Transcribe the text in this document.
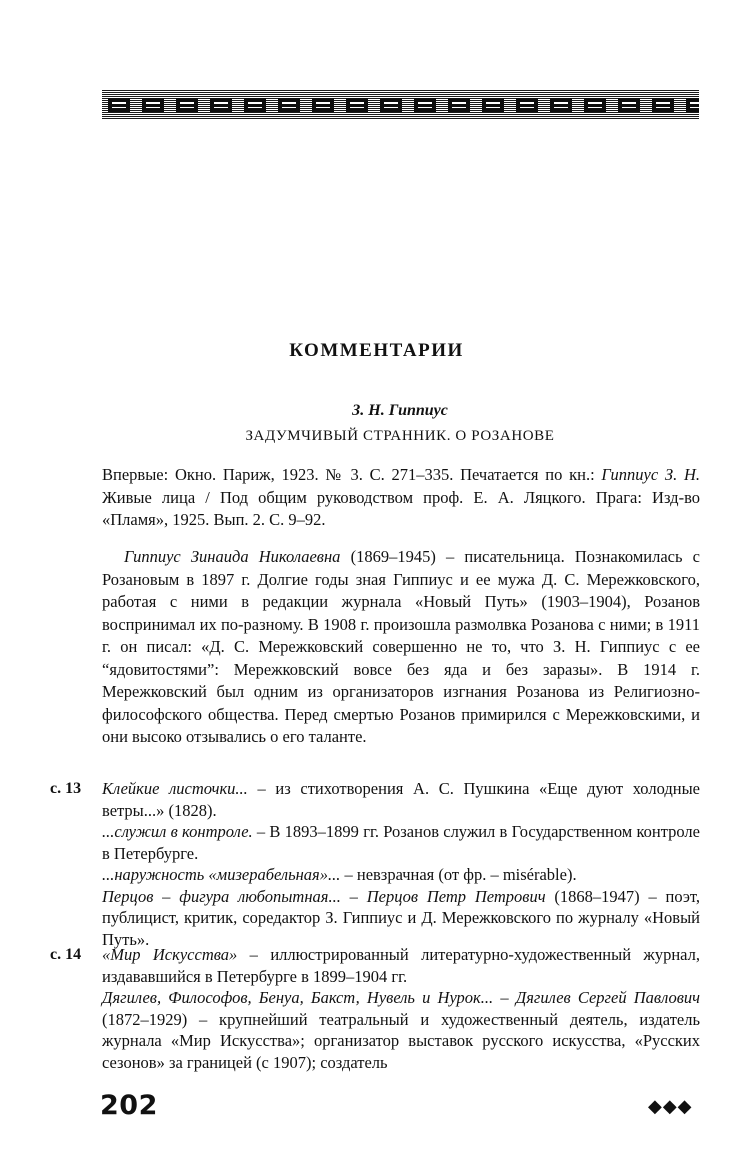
КОММЕНТАРИИ
З. Н. Гиппиус
ЗАДУМЧИВЫЙ СТРАННИК. О РОЗАНОВЕ

Впервые: Окно. Париж, 1923. № 3. С. 271–335. Печатается по кн.: Гиппиус З. Н. Живые лица / Под общим руководством проф. Е. А. Ляцкого. Прага: Изд-во «Пламя», 1925. Вып. 2. С. 9–92.

Гиппиус Зинаида Николаевна (1869–1945) – писательница. Познакомилась с Розановым в 1897 г. Долгие годы зная Гиппиус и ее мужа Д. С. Мережковского, работая с ними в редакции журнала «Новый Путь» (1903–1904), Розанов воспринимал их по-разному. В 1908 г. произошла размолвка Розанова с ними; в 1911 г. он писал: «Д. С. Мережковский совершенно не то, что З. Н. Гиппиус с ее “ядовитостями”: Мережковский вовсе без яда и без заразы». В 1914 г. Мережковский был одним из организаторов изгнания Розанова из Религиозно-философского общества. Перед смертью Розанов примирился с Мережковскими, и они высоко отзывались о его таланте.

с. 13	Клейкие листочки... – из стихотворения А. С. Пушкина «Еще дуют холодные ветры...» (1828).

...служил в контроле. – В 1893–1899 гг. Розанов служил в Государственном контроле в Петербурге.

...наружность «мизерабельная»... – невзрачная (от фр. – misérable).

Перцов – фигура любопытная... – Перцов Петр Петрович (1868–1947) – поэт, публицист, критик, соредактор З. Гиппиус и Д. Мережковского по журналу «Новый Путь».

с. 14	«Мир Искусства» – иллюстрированный литературно-художественный журнал, издававшийся в Петербурге в 1899–1904 гг.

Дягилев, Философов, Бенуа, Бакст, Нувель и Нурок... – Дягилев Сергей Павлович (1872–1929) – крупнейший театральный и художественный деятель, издатель журнала «Мир Искусства»; организатор выставок русского искусства, «Русских сезонов» за границей (с 1907); создатель

202	◆◆◆
